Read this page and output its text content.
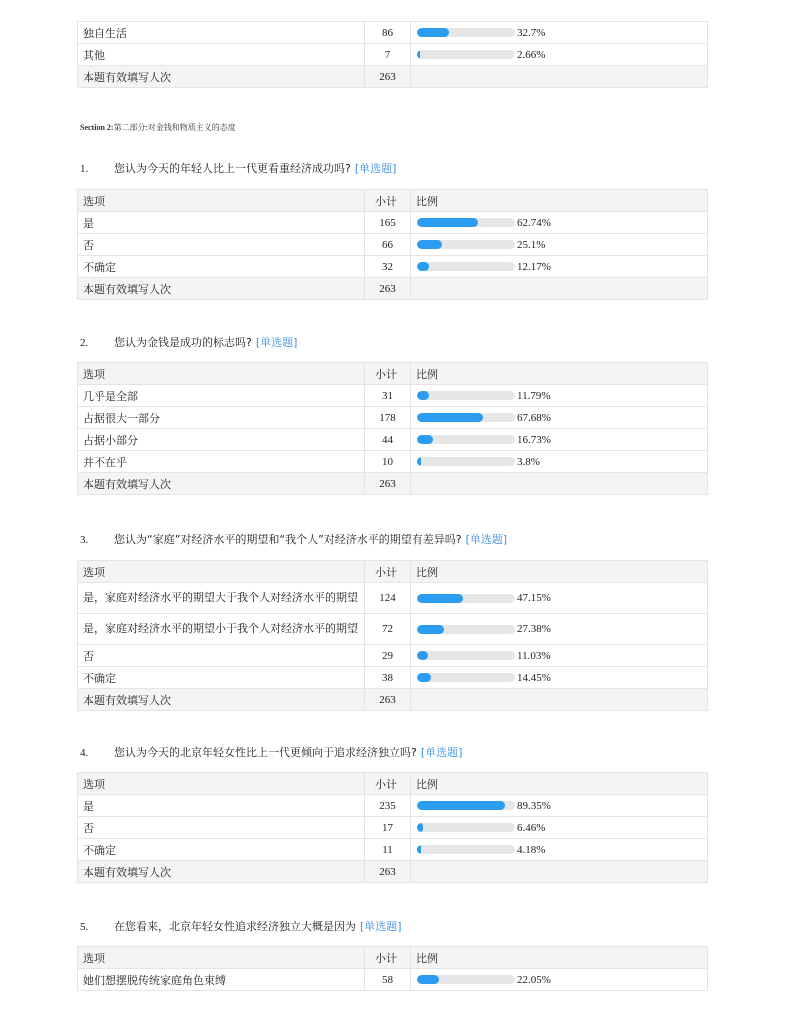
独自生活	86	32.7%

其他	7	2.66%

本题有效填写人次	263	
Section 2:第二部分:对金钱和物质主义的态度
1. 您认为今天的年轻人比上一代更看重经济成功吗? [单选题]
选项	小计	比例
是	165	62.74%

否	66	25.1%

不确定	32	12.17%

本题有效填写人次	263	
2. 您认为金钱是成功的标志吗? [单选题]
选项	小计	比例
几乎是全部	31	11.79%

占据很大一部分	178	67.68%

占据小部分	44	16.73%

并不在乎	10	3.8%

本题有效填写人次	263	
3. 您认为“家庭”对经济水平的期望和“我个人”对经济水平的期望有差异吗? [单选题]
选项	小计	比例
是，家庭对经济水平的期望大于我个人对经济水平的期望	124	47.15%

是，家庭对经济水平的期望小于我个人对经济水平的期望	72	27.38%

否	29	11.03%

不确定	38	14.45%

本题有效填写人次	263	
4. 您认为今天的北京年轻女性比上一代更倾向于追求经济独立吗? [单选题]
选项	小计	比例
是	235	89.35%

否	17	6.46%

不确定	11	4.18%

本题有效填写人次	263	
5. 在您看来，北京年轻女性追求经济独立大概是因为 [单选题]
选项	小计	比例
她们想摆脱传统家庭角色束缚	58	22.05%
